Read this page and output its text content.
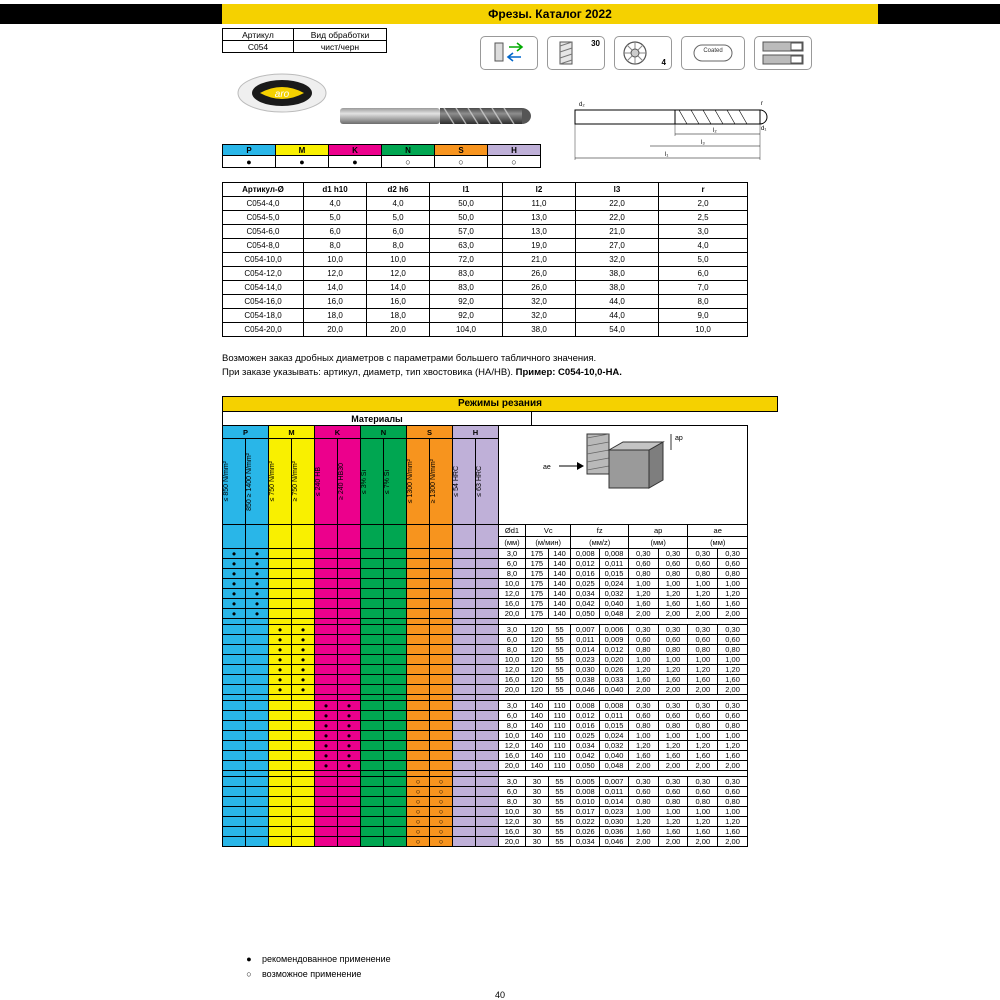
Фрезы. Каталог 2022
Артикул	Вид обработки
C054	чист/черн	30
4
Coated
aro
d₂
d₁
r
l₂
l₃
l₁
P	M	K	N	S	H
●	●	●	○	○	○
Артикул-Ø	d1 h10	d2 h6	l1	l2	l3	r
C054-4,0	4,0	4,0	50,0	11,0	22,0	2,0
C054-5,0	5,0	5,0	50,0	13,0	22,0	2,5
C054-6,0	6,0	6,0	57,0	13,0	21,0	3,0
C054-8,0	8,0	8,0	63,0	19,0	27,0	4,0
C054-10,0	10,0	10,0	72,0	21,0	32,0	5,0
C054-12,0	12,0	12,0	83,0	26,0	38,0	6,0
C054-14,0	14,0	14,0	83,0	26,0	38,0	7,0
C054-16,0	16,0	16,0	92,0	32,0	44,0	8,0
C054-18,0	18,0	18,0	92,0	32,0	44,0	9,0
C054-20,0	20,0	20,0	104,0	38,0	54,0	10,0
Возможен заказ дробных диаметров с параметрами большего табличного значения.
При заказе указывать: артикул, диаметр, тип хвостовика (HA/HB). Пример: C054-10,0-HA.
Режимы резания
Материалы
P		M		K		N		S		H		ap
ae								

≤ 850 N/mm²	850 ≥ 1400 N/mm²	≤ 750 N/mm²	≥ 750 N/mm²	≤ 240 HB	≥ 240 HB30	≤ 3% Si	≤ 7% Si	≤ 1300 N/mm²	≥ 1300 N/mm²	≤ 54 HRC	≤ 63 HRC									

												Ød1	Vc		fz		ap		ae	
												(мм)	(м/мин)		(мм/z)		(мм)		(мм)	
●	●											3,0	175	140	0,008	0,008	0,30	0,30	0,30	0,30
●	●											6,0	175	140	0,012	0,011	0,60	0,60	0,60	0,60
●	●											8,0	175	140	0,016	0,015	0,80	0,80	0,80	0,80
●	●											10,0	175	140	0,025	0,024	1,00	1,00	1,00	1,00
●	●											12,0	175	140	0,034	0,032	1,20	1,20	1,20	1,20
●	●											16,0	175	140	0,042	0,040	1,60	1,60	1,60	1,60
●	●											20,0	175	140	0,050	0,048	2,00	2,00	2,00	2,00

		●	●									3,0	120	55	0,007	0,006	0,30	0,30	0,30	0,30
		●	●									6,0	120	55	0,011	0,009	0,60	0,60	0,60	0,60
		●	●									8,0	120	55	0,014	0,012	0,80	0,80	0,80	0,80
		●	●									10,0	120	55	0,023	0,020	1,00	1,00	1,00	1,00
		●	●									12,0	120	55	0,030	0,026	1,20	1,20	1,20	1,20
		●	●									16,0	120	55	0,038	0,033	1,60	1,60	1,60	1,60
		●	●									20,0	120	55	0,046	0,040	2,00	2,00	2,00	2,00

				●	●							3,0	140	110	0,008	0,008	0,30	0,30	0,30	0,30
				●	●							6,0	140	110	0,012	0,011	0,60	0,60	0,60	0,60
				●	●							8,0	140	110	0,016	0,015	0,80	0,80	0,80	0,80
				●	●							10,0	140	110	0,025	0,024	1,00	1,00	1,00	1,00
				●	●							12,0	140	110	0,034	0,032	1,20	1,20	1,20	1,20
				●	●							16,0	140	110	0,042	0,040	1,60	1,60	1,60	1,60
				●	●							20,0	140	110	0,050	0,048	2,00	2,00	2,00	2,00

								○	○			3,0	30	55	0,005	0,007	0,30	0,30	0,30	0,30
								○	○			6,0	30	55	0,008	0,011	0,60	0,60	0,60	0,60
								○	○			8,0	30	55	0,010	0,014	0,80	0,80	0,80	0,80
								○	○			10,0	30	55	0,017	0,023	1,00	1,00	1,00	1,00
								○	○			12,0	30	55	0,022	0,030	1,20	1,20	1,20	1,20
								○	○			16,0	30	55	0,026	0,036	1,60	1,60	1,60	1,60
								○	○			20,0	30	55	0,034	0,046	2,00	2,00	2,00	2,00
● рекомендованное применение
○ возможное применение
40
